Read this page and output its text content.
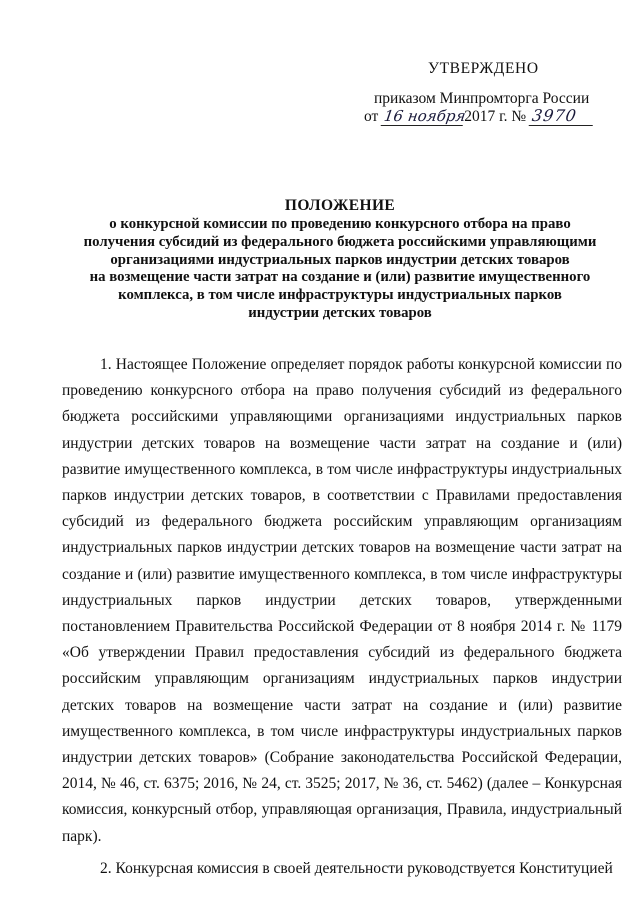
УТВЕРЖДЕНО
приказом Минпромторга России
от 16 ноября2017 г. № 3970
ПОЛОЖЕНИЕ
о конкурсной комиссии по проведению конкурсного отбора на право
получения субсидий из федерального бюджета российскими управляющими
организациями индустриальных парков индустрии детских товаров
на возмещение части затрат на создание и (или) развитие имущественного
комплекса, в том числе инфраструктуры индустриальных парков
индустрии детских товаров

1. Настоящее Положение определяет порядок работы конкурсной комиссии по проведению конкурсного отбора на право получения субсидий из федерального бюджета российскими управляющими организациями индустриальных парков индустрии детских товаров на возмещение части затрат на создание и (или) развитие имущественного комплекса, в том числе инфраструктуры индустриальных парков индустрии детских товаров, в соответствии с Правилами предоставления субсидий из федерального бюджета российским управляющим организациям индустриальных парков индустрии детских товаров на возмещение части затрат на создание и (или) развитие имущественного комплекса, в том числе инфраструктуры индустриальных парков индустрии детских товаров, утвержденными постановлением Правительства Российской Федерации от 8 ноября 2014 г. № 1179 «Об утверждении Правил предоставления субсидий из федерального бюджета российским управляющим организациям индустриальных парков индустрии детских товаров на возмещение части затрат на создание и (или) развитие имущественного комплекса, в том числе инфраструктуры индустриальных парков индустрии детских товаров» (Собрание законодательства Российской Федерации, 2014, № 46, ст. 6375; 2016, № 24, ст. 3525; 2017, № 36, ст. 5462) (далее – Конкурсная комиссия, конкурсный отбор, управляющая организация, Правила, индустриальный парк).

2. Конкурсная комиссия в своей деятельности руководствуется Конституцией
